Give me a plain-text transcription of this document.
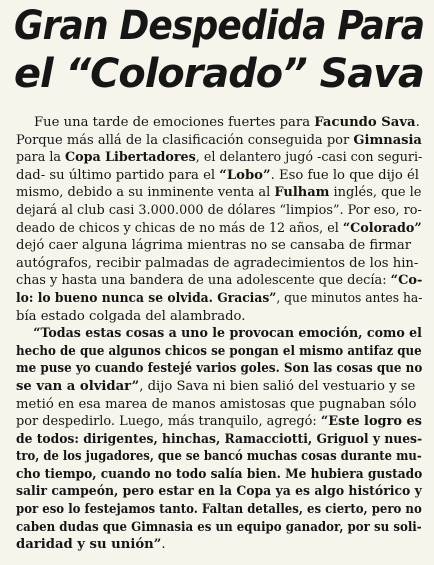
Gran Despedida Para
el “Colorado” Sava
Fue una tarde de emociones fuertes para Facundo Sava.
Porque más allá de la clasificación conseguida por Gimnasia
para la Copa Libertadores, el delantero jugó -casi con seguri-
dad- su último partido para el “Lobo”. Eso fue lo que dijo él
mismo, debido a su inminente venta al Fulham inglés, que le
dejará al club casi 3.000.000 de dólares “limpios”. Por eso, ro-
deado de chicos y chicas de no más de 12 años, el “Colorado”
dejó caer alguna lágrima mientras no se cansaba de firmar
autógrafos, recibir palmadas de agradecimientos de los hin-
chas y hasta una bandera de una adolescente que decía: “Co-
lo: lo bueno nunca se olvida. Gracias”, que minutos antes ha-
bía estado colgada del alambrado.
“Todas estas cosas a uno le provocan emoción, como el
hecho de que algunos chicos se pongan el mismo antifaz que
me puse yo cuando festejé varios goles. Son las cosas que no
se van a olvidar”, dijo Sava ni bien salió del vestuario y se
metió en esa marea de manos amistosas que pugnaban sólo
por despedirlo. Luego, más tranquilo, agregó: “Este logro es
de todos: dirigentes, hinchas, Ramacciotti, Griguol y nues-
tro, de los jugadores, que se bancó muchas cosas durante mu-
cho tiempo, cuando no todo salía bien. Me hubiera gustado
salir campeón, pero estar en la Copa ya es algo histórico y
por eso lo festejamos tanto. Faltan detalles, es cierto, pero no
caben dudas que Gimnasia es un equipo ganador, por su soli-
daridad y su unión”.
